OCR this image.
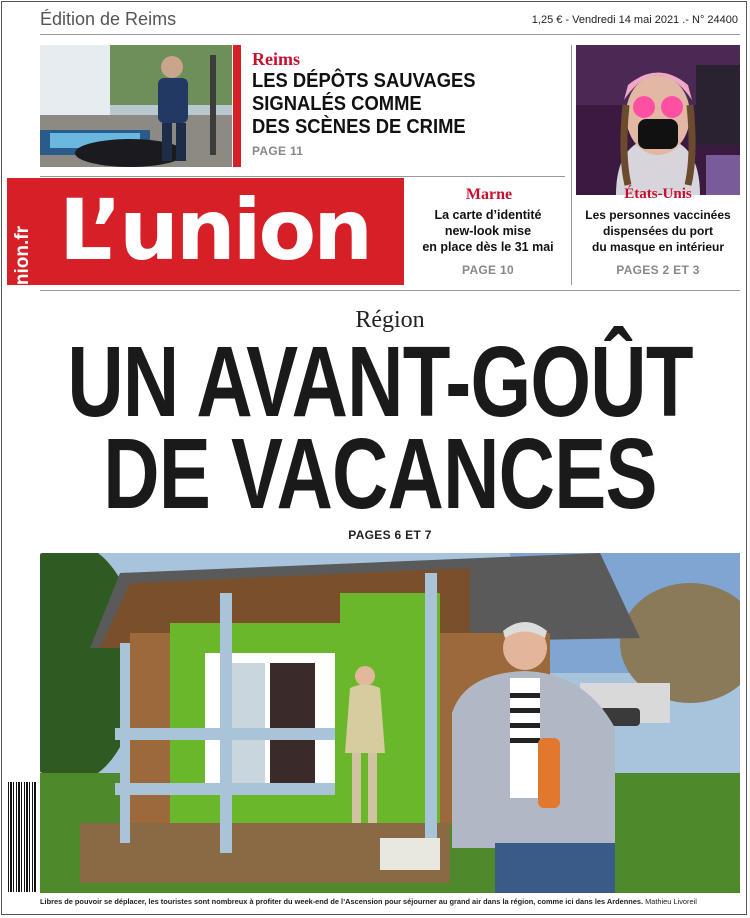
Édition de Reims	1,25 € - Vendredi 14 mai 2021 .- N° 24400
Reims
LES DÉPÔTS SAUVAGES
SIGNALÉS COMME
DES SCÈNES DE CRIME
PAGE 11
États-Unis
Les personnes vaccinées
dispensées du port
du masque en intérieur
PAGES 2 ET 3
lunion.fr L’union	Marne
La carte d’identité
new-look mise
en place dès le 31 mai
PAGE 10
Région
UN AVANT-GOÛT
DE VACANCES
PAGES 6 ET 7
Libres de pouvoir se déplacer, les touristes sont nombreux à profiter du week-end de l’Ascension pour séjourner au grand air dans la région, comme ici dans les Ardennes. Mathieu Livoreil
